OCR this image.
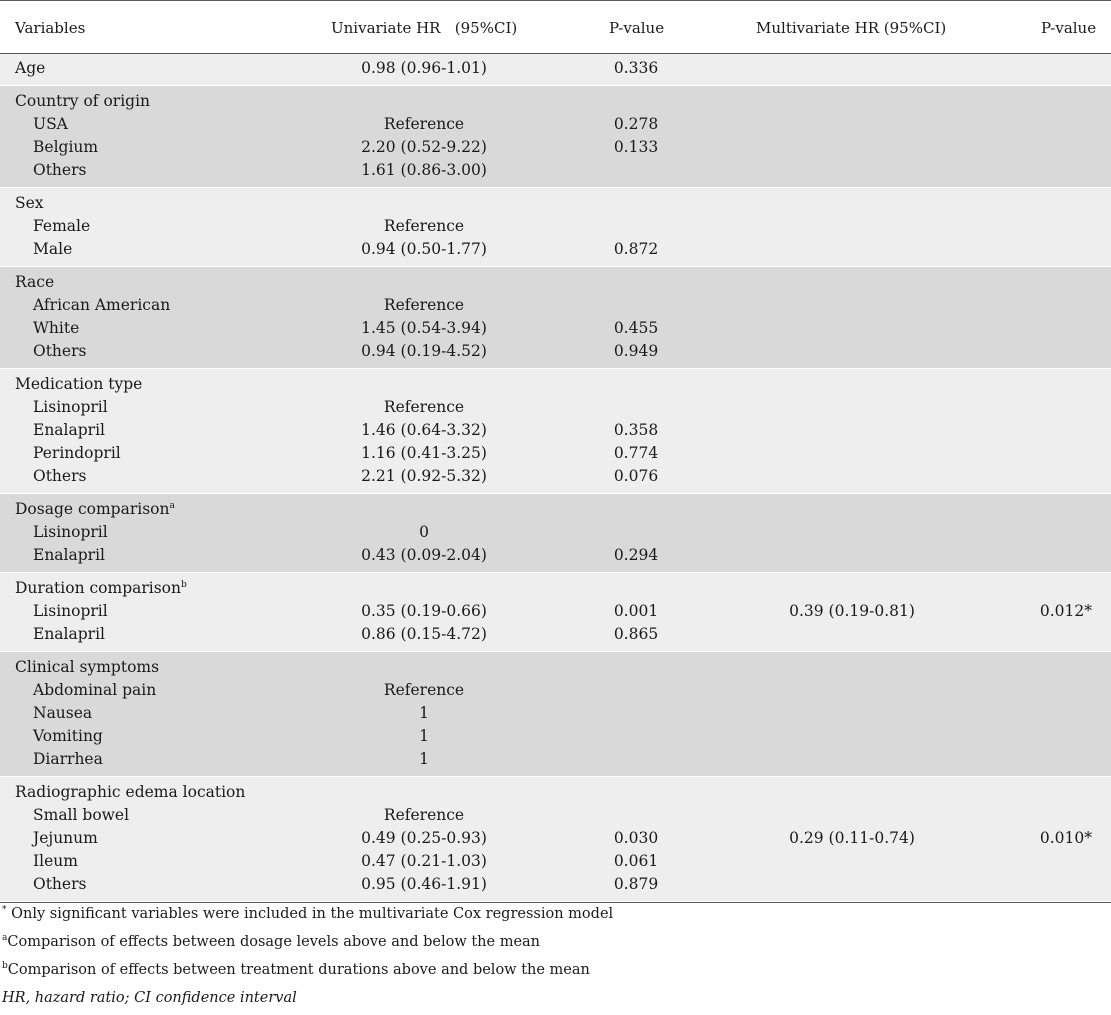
Variables	Univariate HR   (95%CI)	P-value	Multivariate HR (95%CI)	P-value
Age	0.98 (0.96-1.01)	0.336
Country of origin
USA	Reference	0.278
Belgium	2.20 (0.52-9.22)	0.133
Others	1.61 (0.86-3.00)
Sex
Female	Reference
Male	0.94 (0.50-1.77)	0.872
Race
African American	Reference
White	1.45 (0.54-3.94)	0.455
Others	0.94 (0.19-4.52)	0.949
Medication type
Lisinopril	Reference
Enalapril	1.46 (0.64-3.32)	0.358
Perindopril	1.16 (0.41-3.25)	0.774
Others	2.21 (0.92-5.32)	0.076
Dosage comparison$^a$
Lisinopril	0
Enalapril	0.43 (0.09-2.04)	0.294
Duration comparison$^b$
Lisinopril	0.35 (0.19-0.66)	0.001	0.39 (0.19-0.81)	0.012*
Enalapril	0.86 (0.15-4.72)	0.865
Clinical symptoms
Abdominal pain	Reference
Nausea	1
Vomiting	1
Diarrhea	1
Radiographic edema location
Small bowel	Reference
Jejunum	0.49 (0.25-0.93)	0.030	0.29 (0.11-0.74)	0.010*
Ileum	0.47 (0.21-1.03)	0.061
Others	0.95 (0.46-1.91)	0.879
* Only significant variables were included in the multivariate Cox regression model
$^a$Comparison of effects between dosage levels above and below the mean
$^b$Comparison of effects between treatment durations above and below the mean
HR, hazard ratio; CI confidence interval
